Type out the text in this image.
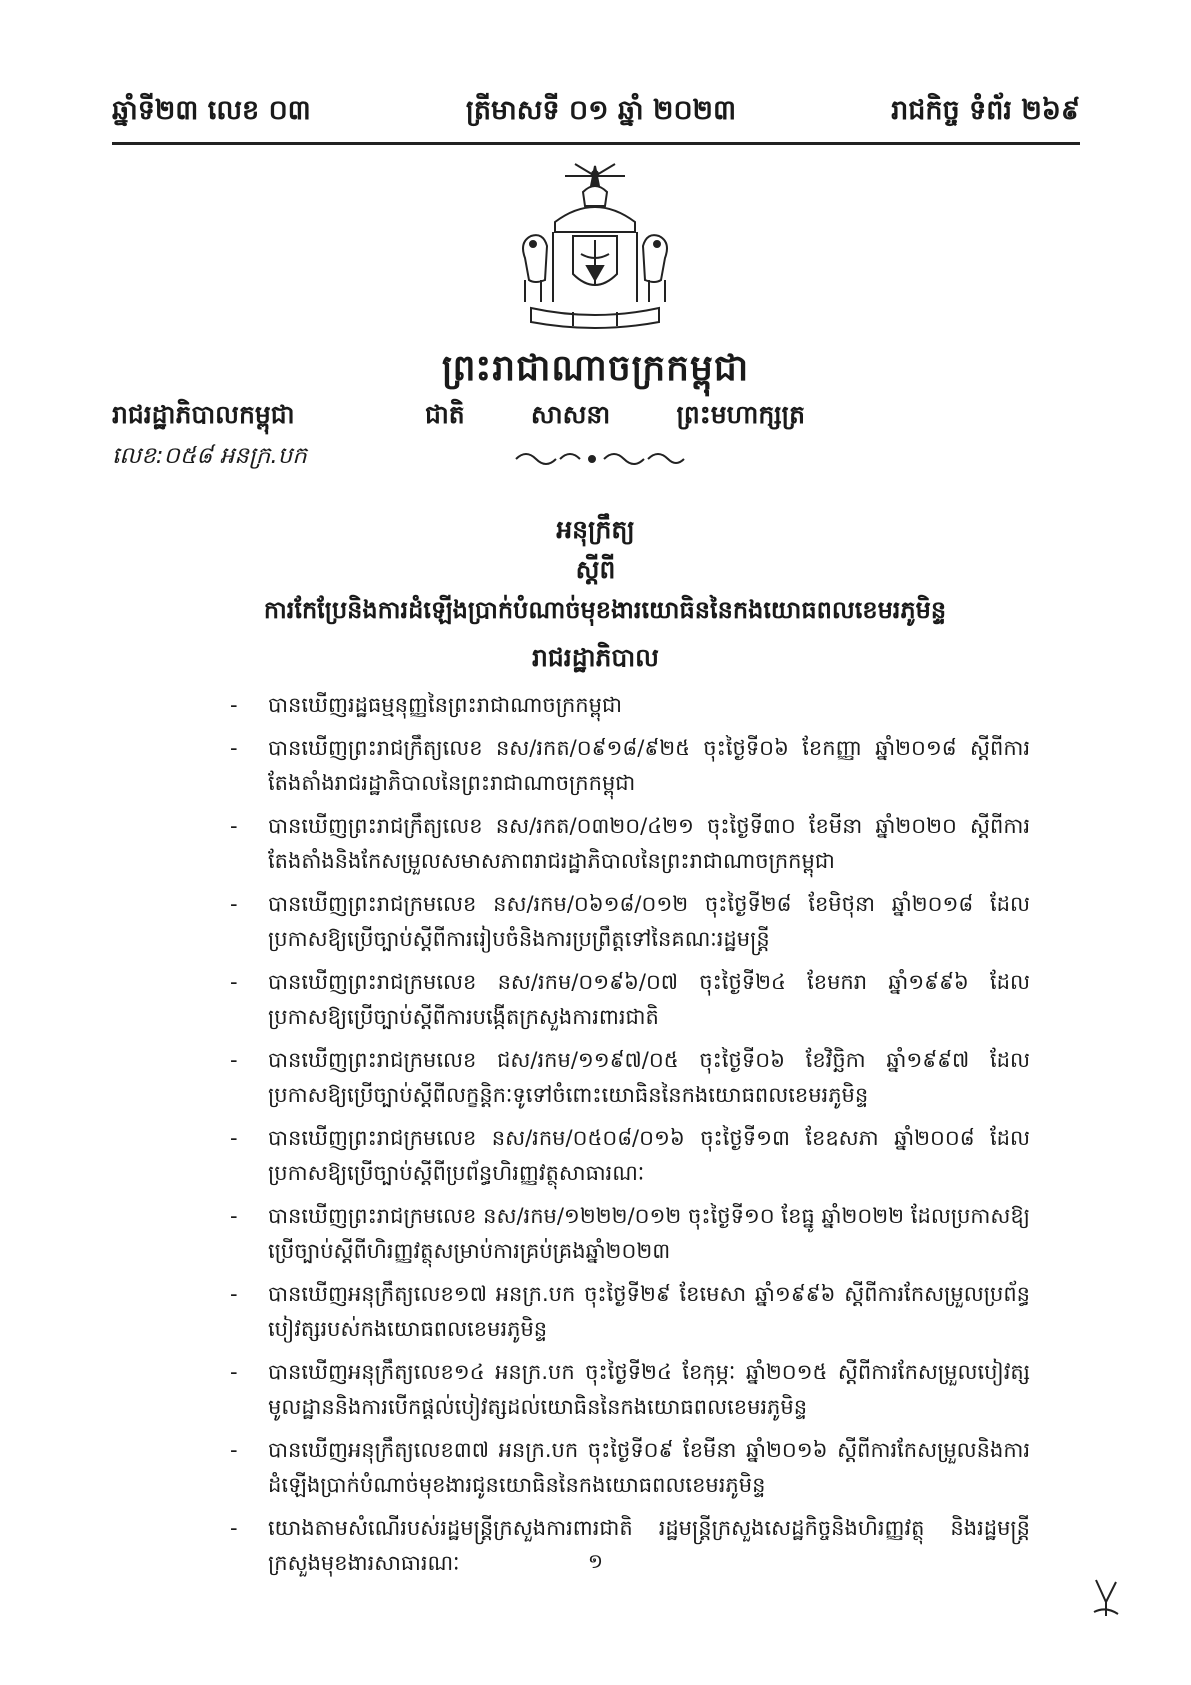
ឆ្នាំទី២៣ លេខ ០៣	ត្រីមាសទី ០១ ឆ្នាំ ២០២៣	រាជកិច្ច ទំព័រ ២៦៩
ព្រះរាជាណាចក្រកម្ពុជា
រាជរដ្ឋាភិបាលកម្ពុជា	ជាតិ	សាសនា	ព្រះមហាក្សត្រ
លេខ:០៥៨ អនក្រ.បក
អនុក្រឹត្យ
ស្តីពី
ការកែប្រែនិងការដំឡើងប្រាក់បំណាច់មុខងារយោធិននៃកងយោធពលខេមរភូមិន្ទ
រាជរដ្ឋាភិបាល
- បានឃើញរដ្ឋធម្មនុញ្ញនៃព្រះរាជាណាចក្រកម្ពុជា
- បានឃើញព្រះរាជក្រឹត្យលេខ នស/រកត/០៩១៨/៩២៥ ចុះថ្ងៃទី០៦ ខែកញ្ញា ឆ្នាំ២០១៨ ស្តីពីការតែងតាំងរាជរដ្ឋាភិបាលនៃព្រះរាជាណាចក្រកម្ពុជា
- បានឃើញព្រះរាជក្រឹត្យលេខ នស/រកត/០៣២០/៤២១ ចុះថ្ងៃទី៣០ ខែមីនា ឆ្នាំ២០២០ ស្តីពីការតែងតាំងនិងកែសម្រួលសមាសភាពរាជរដ្ឋាភិបាលនៃព្រះរាជាណាចក្រកម្ពុជា
- បានឃើញព្រះរាជក្រមលេខ នស/រកម/០៦១៨/០១២ ចុះថ្ងៃទី២៨ ខែមិថុនា ឆ្នាំ២០១៨ ដែលប្រកាសឱ្យប្រើច្បាប់ស្តីពីការរៀបចំនិងការប្រព្រឹត្តទៅនៃគណៈរដ្ឋមន្ត្រី
- បានឃើញព្រះរាជក្រមលេខ នស/រកម/០១៩៦/០៧ ចុះថ្ងៃទី២៤ ខែមករា ឆ្នាំ១៩៩៦ ដែលប្រកាសឱ្យប្រើច្បាប់ស្តីពីការបង្កើតក្រសួងការពារជាតិ
- បានឃើញព្រះរាជក្រមលេខ ជស/រកម/១១៩៧/០៥ ចុះថ្ងៃទី០៦ ខែវិច្ឆិកា ឆ្នាំ១៩៩៧ ដែលប្រកាសឱ្យប្រើច្បាប់ស្តីពីលក្ខន្តិកៈទូទៅចំពោះយោធិននៃកងយោធពលខេមរភូមិន្ទ
- បានឃើញព្រះរាជក្រមលេខ នស/រកម/០៥០៨/០១៦ ចុះថ្ងៃទី១៣ ខែឧសភា ឆ្នាំ២០០៨ ដែលប្រកាសឱ្យប្រើច្បាប់ស្តីពីប្រព័ន្ធហិរញ្ញវត្ថុសាធារណៈ
- បានឃើញព្រះរាជក្រមលេខ នស/រកម/១២២២/០១២ ចុះថ្ងៃទី១០ ខែធ្នូ ឆ្នាំ២០២២ ដែលប្រកាសឱ្យប្រើច្បាប់ស្តីពីហិរញ្ញវត្ថុសម្រាប់ការគ្រប់គ្រងឆ្នាំ២០២៣
- បានឃើញអនុក្រឹត្យលេខ១៧ អនក្រ.បក ចុះថ្ងៃទី២៩ ខែមេសា ឆ្នាំ១៩៩៦ ស្តីពីការកែសម្រួលប្រព័ន្ធបៀវត្សរបស់កងយោធពលខេមរភូមិន្ទ
- បានឃើញអនុក្រឹត្យលេខ១៤ អនក្រ.បក ចុះថ្ងៃទី២៤ ខែកុម្ភៈ ឆ្នាំ២០១៥ ស្តីពីការកែសម្រួលបៀវត្សមូលដ្ឋាននិងការបើកផ្តល់បៀវត្សដល់យោធិននៃកងយោធពលខេមរភូមិន្ទ
- បានឃើញអនុក្រឹត្យលេខ៣៧ អនក្រ.បក ចុះថ្ងៃទី០៩ ខែមីនា ឆ្នាំ២០១៦ ស្តីពីការកែសម្រួលនិងការដំឡើងប្រាក់បំណាច់មុខងារជូនយោធិននៃកងយោធពលខេមរភូមិន្ទ
- យោងតាមសំណើរបស់រដ្ឋមន្ត្រីក្រសួងការពារជាតិ រដ្ឋមន្ត្រីក្រសួងសេដ្ឋកិច្ចនិងហិរញ្ញវត្ថុ និងរដ្ឋមន្ត្រីក្រសួងមុខងារសាធារណៈ	១
